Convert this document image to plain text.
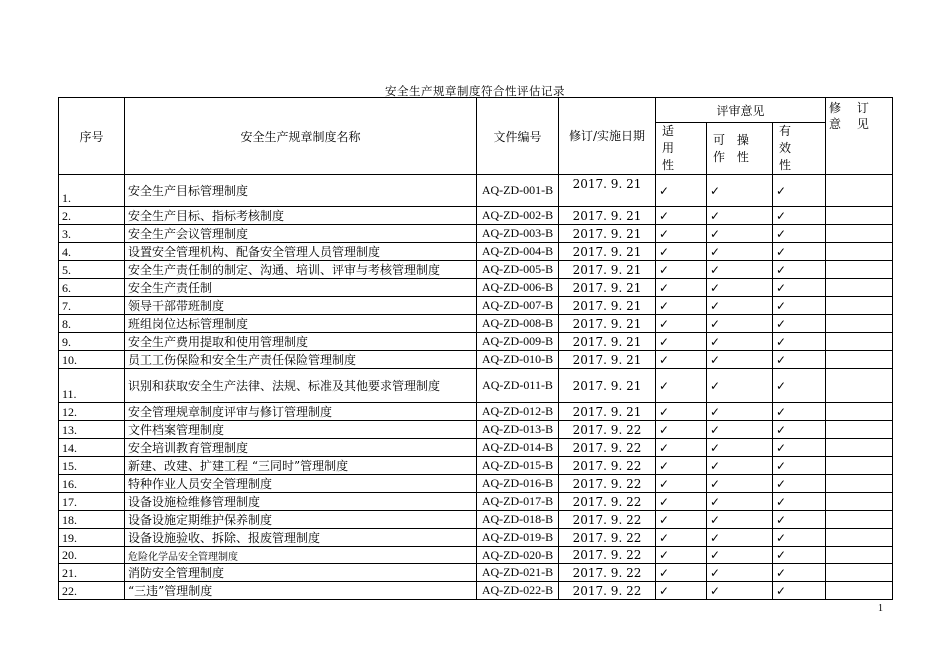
安全生产规章制度符合性评估记录
序号	安全生产规章制度名称	文件编号	修订/实施日期	评审意见			修 订 意 见
				适 用 性	可 操 作 性	有 效 性	
1.	安全生产目标管理制度	AQ-ZD-001-B	2017. 9. 21	✓	✓	✓	
2.	安全生产目标、指标考核制度	AQ-ZD-002-B	2017. 9. 21	✓	✓	✓	
3.	安全生产会议管理制度	AQ-ZD-003-B	2017. 9. 21	✓	✓	✓	
4.	设置安全管理机构、配备安全管理人员管理制度	AQ-ZD-004-B	2017. 9. 21	✓	✓	✓	
5.	安全生产责任制的制定、沟通、培训、评审与考核管理制度	AQ-ZD-005-B	2017. 9. 21	✓	✓	✓	
6.	安全生产责任制	AQ-ZD-006-B	2017. 9. 21	✓	✓	✓	
7.	领导干部带班制度	AQ-ZD-007-B	2017. 9. 21	✓	✓	✓	
8.	班组岗位达标管理制度	AQ-ZD-008-B	2017. 9. 21	✓	✓	✓	
9.	安全生产费用提取和使用管理制度	AQ-ZD-009-B	2017. 9. 21	✓	✓	✓	
10.	员工工伤保险和安全生产责任保险管理制度	AQ-ZD-010-B	2017. 9. 21	✓	✓	✓	
11.	识别和获取安全生产法律、法规、标准及其他要求管理制度	AQ-ZD-011-B	2017. 9. 21	✓	✓	✓	
12.	安全管理规章制度评审与修订管理制度	AQ-ZD-012-B	2017. 9. 21	✓	✓	✓	
13.	文件档案管理制度	AQ-ZD-013-B	2017. 9. 22	✓	✓	✓	
14.	安全培训教育管理制度	AQ-ZD-014-B	2017. 9. 22	✓	✓	✓	
15.	新建、改建、扩建工程 “三同时”管理制度	AQ-ZD-015-B	2017. 9. 22	✓	✓	✓	
16.	特种作业人员安全管理制度	AQ-ZD-016-B	2017. 9. 22	✓	✓	✓	
17.	设备设施检维修管理制度	AQ-ZD-017-B	2017. 9. 22	✓	✓	✓	
18.	设备设施定期维护保养制度	AQ-ZD-018-B	2017. 9. 22	✓	✓	✓	
19.	设备设施验收、拆除、报废管理制度	AQ-ZD-019-B	2017. 9. 22	✓	✓	✓	
20.	危险化学品安全管理制度	AQ-ZD-020-B	2017. 9. 22	✓	✓	✓	
21.	消防安全管理制度	AQ-ZD-021-B	2017. 9. 22	✓	✓	✓	
22.	“三违”管理制度	AQ-ZD-022-B	2017. 9. 22	✓	✓	✓	
1
